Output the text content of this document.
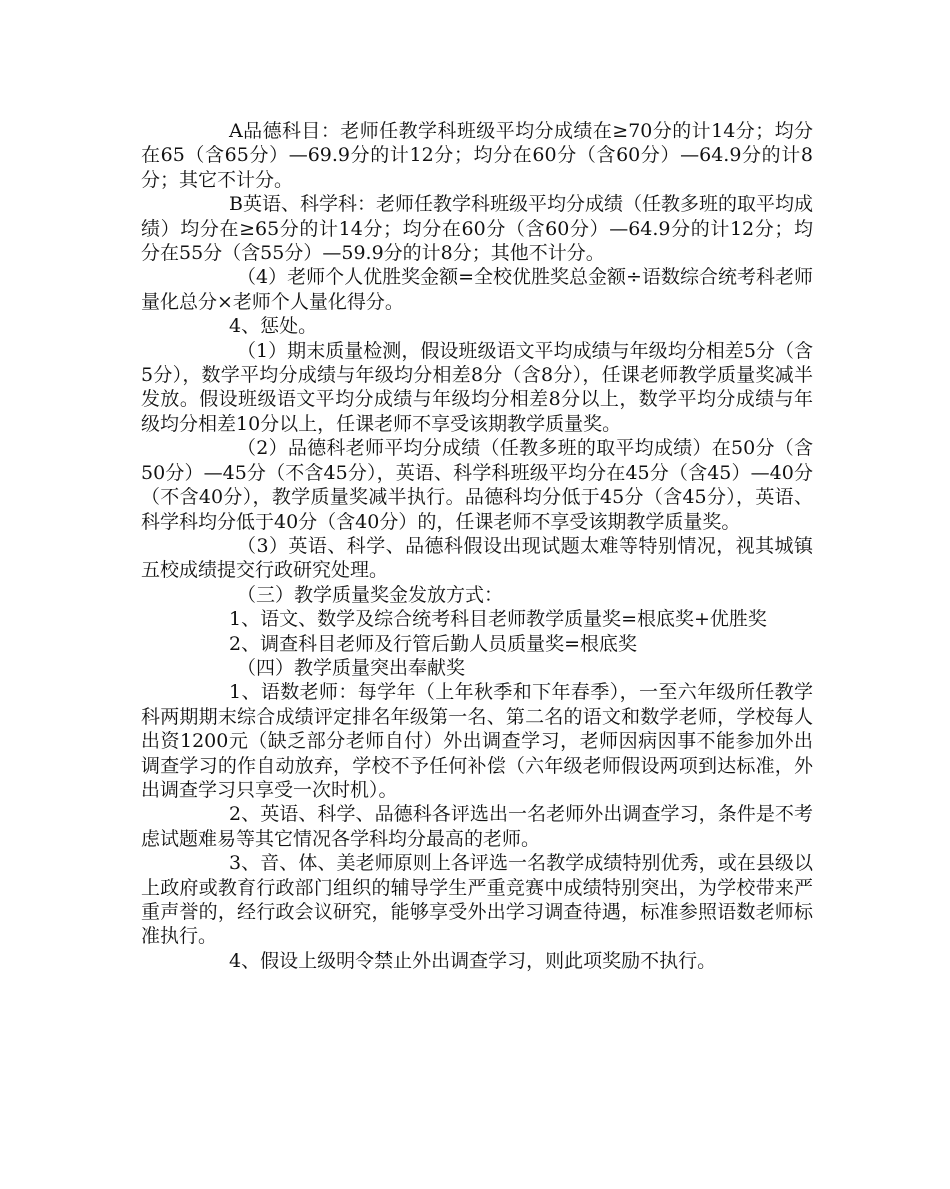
A品德科目：老师任教学科班级平均分成绩在≥70分的计14分；均分在65（含65分）—69.9分的计12分；均分在60分（含60分）—64.9分的计8分；其它不计分。

B英语、科学科：老师任教学科班级平均分成绩（任教多班的取平均成绩）均分在≥65分的计14分；均分在60分（含60分）—64.9分的计12分；均分在55分（含55分）—59.9分的计8分；其他不计分。

（4）老师个人优胜奖金额=全校优胜奖总金额÷语数综合统考科老师量化总分×老师个人量化得分。

4、惩处。

（1）期末质量检测，假设班级语文平均成绩与年级均分相差5分（含5分），数学平均分成绩与年级均分相差8分（含8分），任课老师教学质量奖减半发放。假设班级语文平均分成绩与年级均分相差8分以上，数学平均分成绩与年级均分相差10分以上，任课老师不享受该期教学质量奖。

（2）品德科老师平均分成绩（任教多班的取平均成绩）在50分（含50分）—45分（不含45分），英语、科学科班级平均分在45分（含45）—40分（不含40分），教学质量奖减半执行。品德科均分低于45分（含45分），英语、科学科均分低于40分（含40分）的，任课老师不享受该期教学质量奖。

（3）英语、科学、品德科假设出现试题太难等特别情况，视其城镇五校成绩提交行政研究处理。

（三）教学质量奖金发放方式：

1、语文、数学及综合统考科目老师教学质量奖=根底奖+优胜奖

2、调查科目老师及行管后勤人员质量奖=根底奖

（四）教学质量突出奉献奖

1、语数老师：每学年（上年秋季和下年春季），一至六年级所任教学科两期期末综合成绩评定排名年级第一名、第二名的语文和数学老师，学校每人出资1200元（缺乏部分老师自付）外出调查学习，老师因病因事不能参加外出调查学习的作自动放弃，学校不予任何补偿（六年级老师假设两项到达标准，外出调查学习只享受一次时机）。

2、英语、科学、品德科各评选出一名老师外出调查学习，条件是不考虑试题难易等其它情况各学科均分最高的老师。

3、音、体、美老师原则上各评选一名教学成绩特别优秀，或在县级以上政府或教育行政部门组织的辅导学生严重竞赛中成绩特别突出，为学校带来严重声誉的，经行政会议研究，能够享受外出学习调查待遇，标准参照语数老师标准执行。

4、假设上级明令禁止外出调查学习，则此项奖励不执行。
